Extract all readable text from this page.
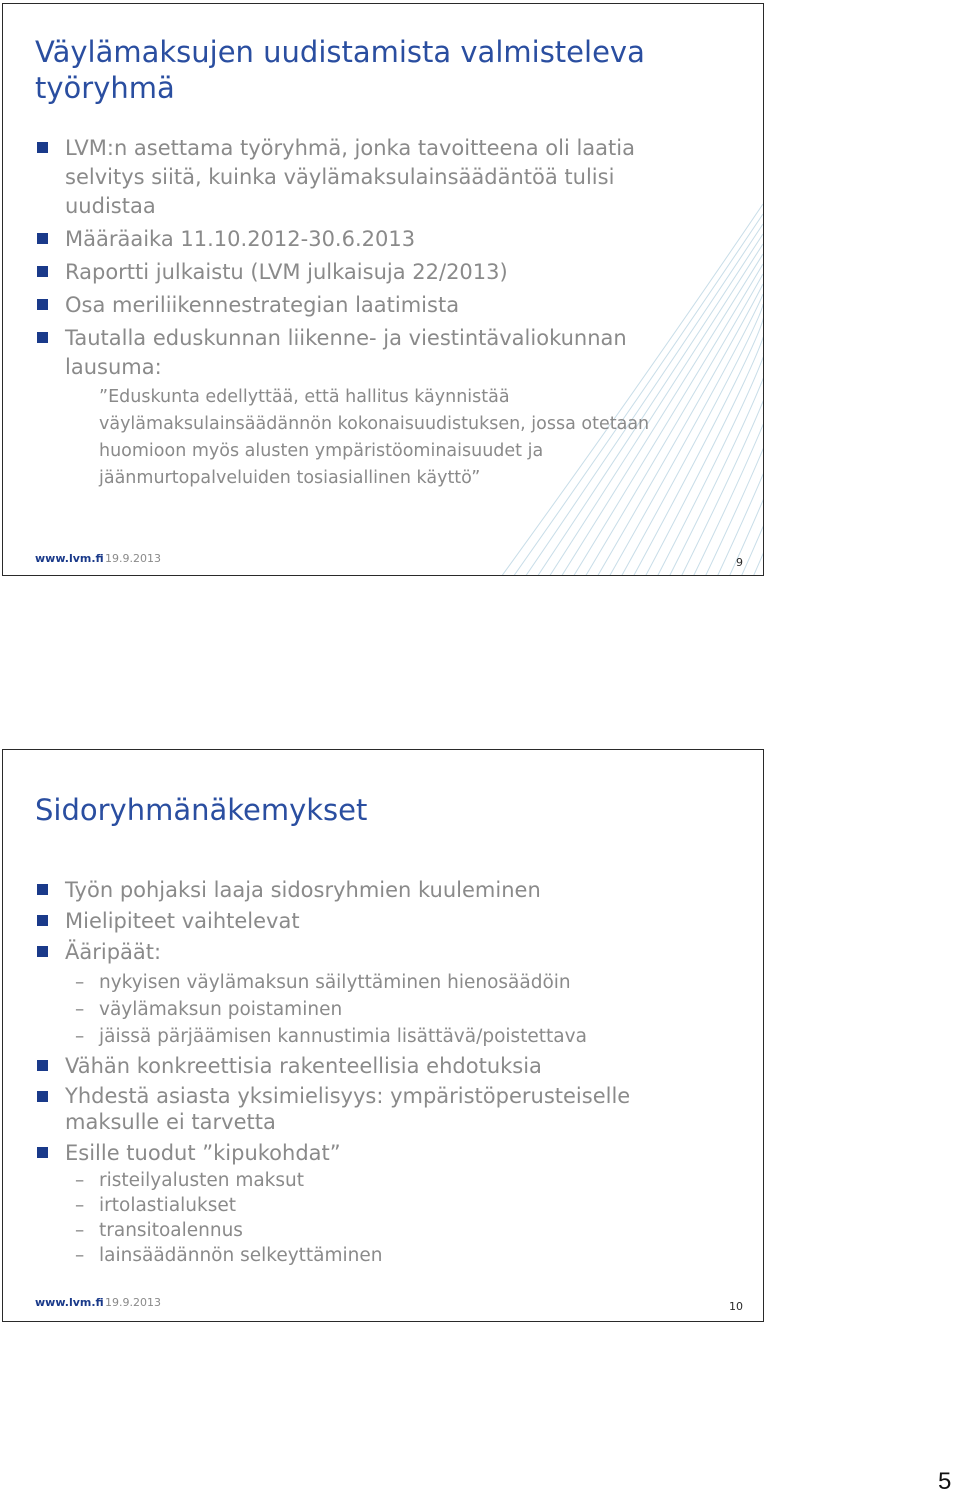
Väylämaksujen uudistamista valmisteleva työryhmä
LVM:n asettama työryhmä, jonka tavoitteena oli laatia selvitys siitä, kuinka väylämaksulainsäädäntöä tulisi uudistaa
Määräaika 11.10.2012-30.6.2013
Raportti julkaistu (LVM julkaisuja 22/2013)
Osa meriliikennestrategian laatimista
Tautalla eduskunnan liikenne- ja viestintävaliokunnan lausuma:
”Eduskunta edellyttää, että hallitus käynnistää väylämaksulainsäädännön kokonaisuudistuksen, jossa otetaan huomioon myös alusten ympäristöominaisuudet ja jäänmurtopalveluiden tosiasiallinen käyttö”
www.lvm.fi 19.9.2013	9
Sidoryhmänäkemykset
Työn pohjaksi laaja sidosryhmien kuuleminen
Mielipiteet vaihtelevat
Ääripäät:
– nykyisen väylämaksun säilyttäminen hienosäädöin
– väylämaksun poistaminen
– jäissä pärjäämisen kannustimia lisättävä/poistettava
Vähän konkreettisia rakenteellisia ehdotuksia
Yhdestä asiasta yksimielisyys: ympäristöperusteiselle maksulle ei tarvetta
Esille tuodut ”kipukohdat”
– risteilyalusten maksut
– irtolastialukset
– transitoalennus
– lainsäädännön selkeyttäminen
www.lvm.fi 19.9.2013	10
5
